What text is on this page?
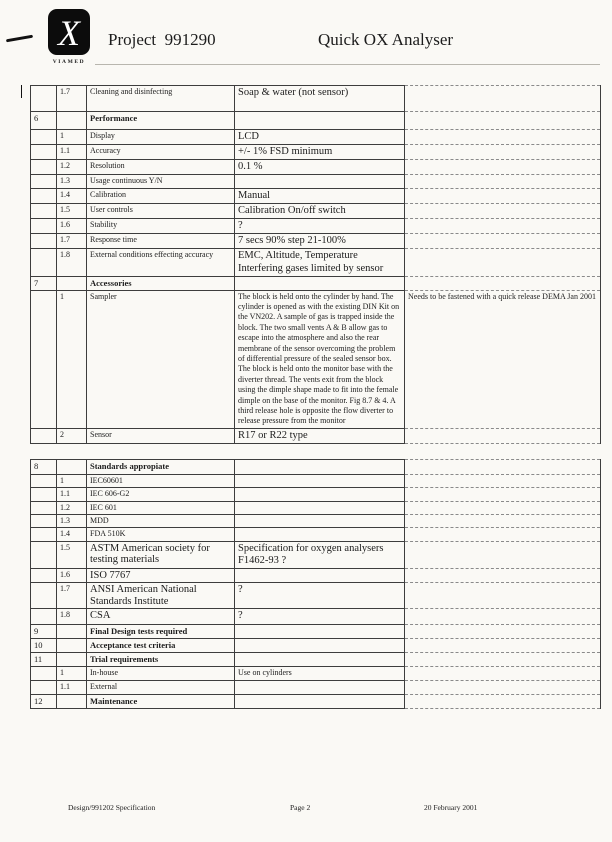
X
VIAMED
Project  991290	Quick OX Analyser
	1.7	Cleaning and disinfecting	Soap & water (not sensor)	
6		Performance		
	1	Display	LCD	
	1.1	Accuracy	+/- 1% FSD minimum	
	1.2	Resolution	0.1 %	
	1.3	Usage continuous Y/N		
	1.4	Calibration	Manual	
	1.5	User controls	Calibration On/off switch	
	1.6	Stability	?	
	1.7	Response time	7 secs 90% step 21-100%	
	1.8	External conditions effecting accuracy	EMC, Altitude, Temperature Interfering gases limited by sensor	
7		Accessories		
	1	Sampler	The block is held onto the cylinder by hand. The cylinder is opened as with the existing DIN Kit on the VN202. A sample of gas is trapped inside the block. The two small vents A & B allow gas to escape into the atmosphere and also the rear membrane of the sensor overcoming the problem of differential pressure of the sealed sensor box. The block is held onto the monitor base with the diverter thread. The vents exit from the block using the dimple shape made to fit into the female dimple on the base of the monitor. Fig 8.7 & 4. A third release hole is opposite the flow diverter to release pressure from the monitor	Needs to be fastened with a quick release DEMA Jan 2001
	2	Sensor	R17 or R22 type	

8		Standards appropiate		
	1	IEC60601		
	1.1	IEC 606-G2		
	1.2	IEC 601		
	1.3	MDD		
	1.4	FDA 510K		
	1.5	ASTM American society for testing materials	Specification for oxygen analysers F1462-93 ?	
	1.6	ISO 7767		
	1.7	ANSI American National Standards Institute	?	
	1.8	CSA	?	
9		Final Design tests required		
10		Acceptance test criteria		
11		Trial requirements		
	1	In-house	Use on cylinders	
	1.1	External		
12		Maintenance		
Design/991202 Specification	Page 2	20 February 2001
